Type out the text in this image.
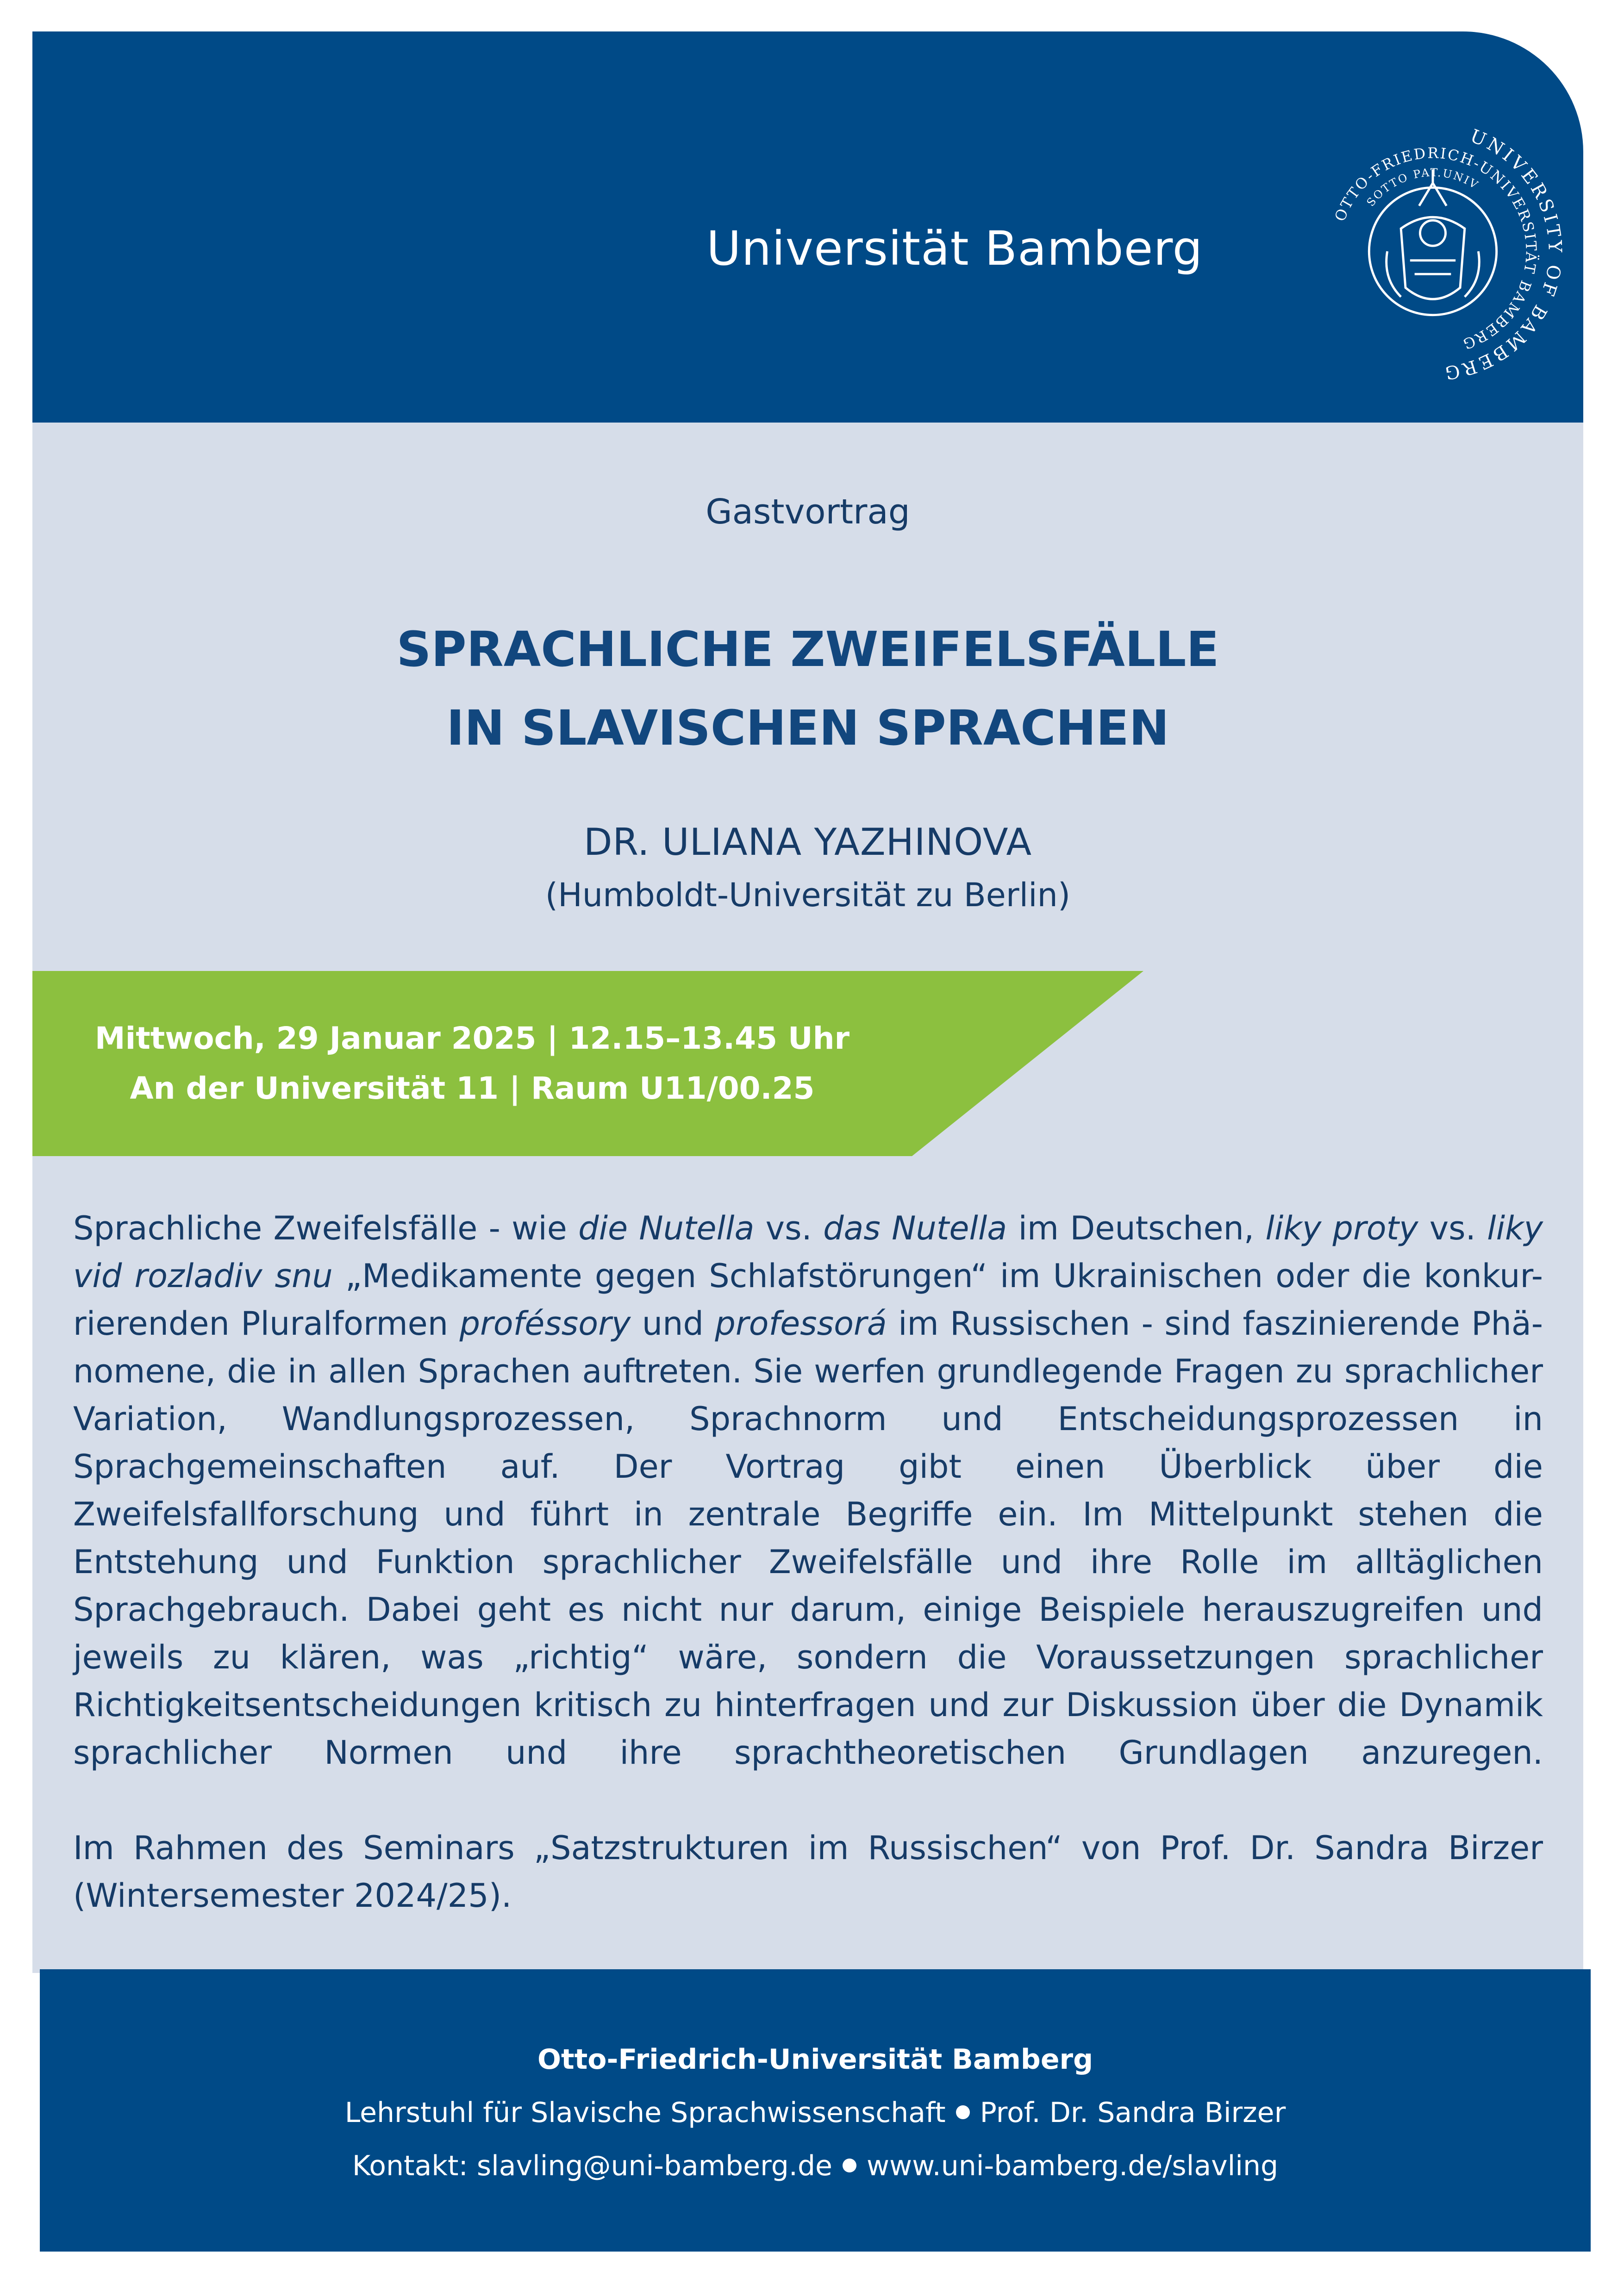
Universität Bamberg
UNIVERSITY OF BAMBERG
OTTO-FRIEDRICH-UNIVERSITÄT BAMBERG
SOTTO PAT.UNIV
Gastvortrag
SPRACHLICHE ZWEIFELSFÄLLE
IN SLAVISCHEN SPRACHEN
DR. ULIANA YAZHINOVA
(Humboldt-Universität zu Berlin)
Mittwoch, 29 Januar 2025 | 12.15–13.45 Uhr
An der Universität 11 | Raum U11/00.25

Sprachliche Zweifelsfälle - wie die Nutella vs. das Nutella im Deutschen, liky proty vs. liky vid rozladiv snu „Medikamente gegen Schlafstörungen“ im Ukrainischen oder die konkur- rierenden Pluralformen proféssory und professorá im Russischen - sind faszinierende Phä- nomene, die in allen Sprachen auftreten. Sie werfen grundlegende Fragen zu sprachlicher Variation, Wandlungsprozessen, Sprachnorm und Entscheidungsprozessen in Sprachgemeinschaften auf. Der Vortrag gibt einen Überblick über die Zweifelsfallforschung und führt in zentrale Begriffe ein. Im Mittelpunkt stehen die Entstehung und Funktion sprachlicher Zweifelsfälle und ihre Rolle im alltäglichen Sprachgebrauch. Dabei geht es nicht nur darum, einige Beispiele herauszugreifen und jeweils zu klären, was „richtig“ wäre, sondern die Voraussetzungen sprachlicher Richtigkeitsentscheidungen kritisch zu hinterfragen und zur Diskussion über die Dynamik sprachlicher Normen und ihre sprachtheoretischen Grundlagen anzuregen.

Im Rahmen des Seminars „Satzstrukturen im Russischen“ von Prof. Dr. Sandra Birzer (Wintersemester 2024/25).

Otto-Friedrich-Universität Bamberg
Lehrstuhl für Slavische Sprachwissenschaft Prof. Dr. Sandra Birzer
Kontakt: slavling@uni-bamberg.de www.uni-bamberg.de/slavling
